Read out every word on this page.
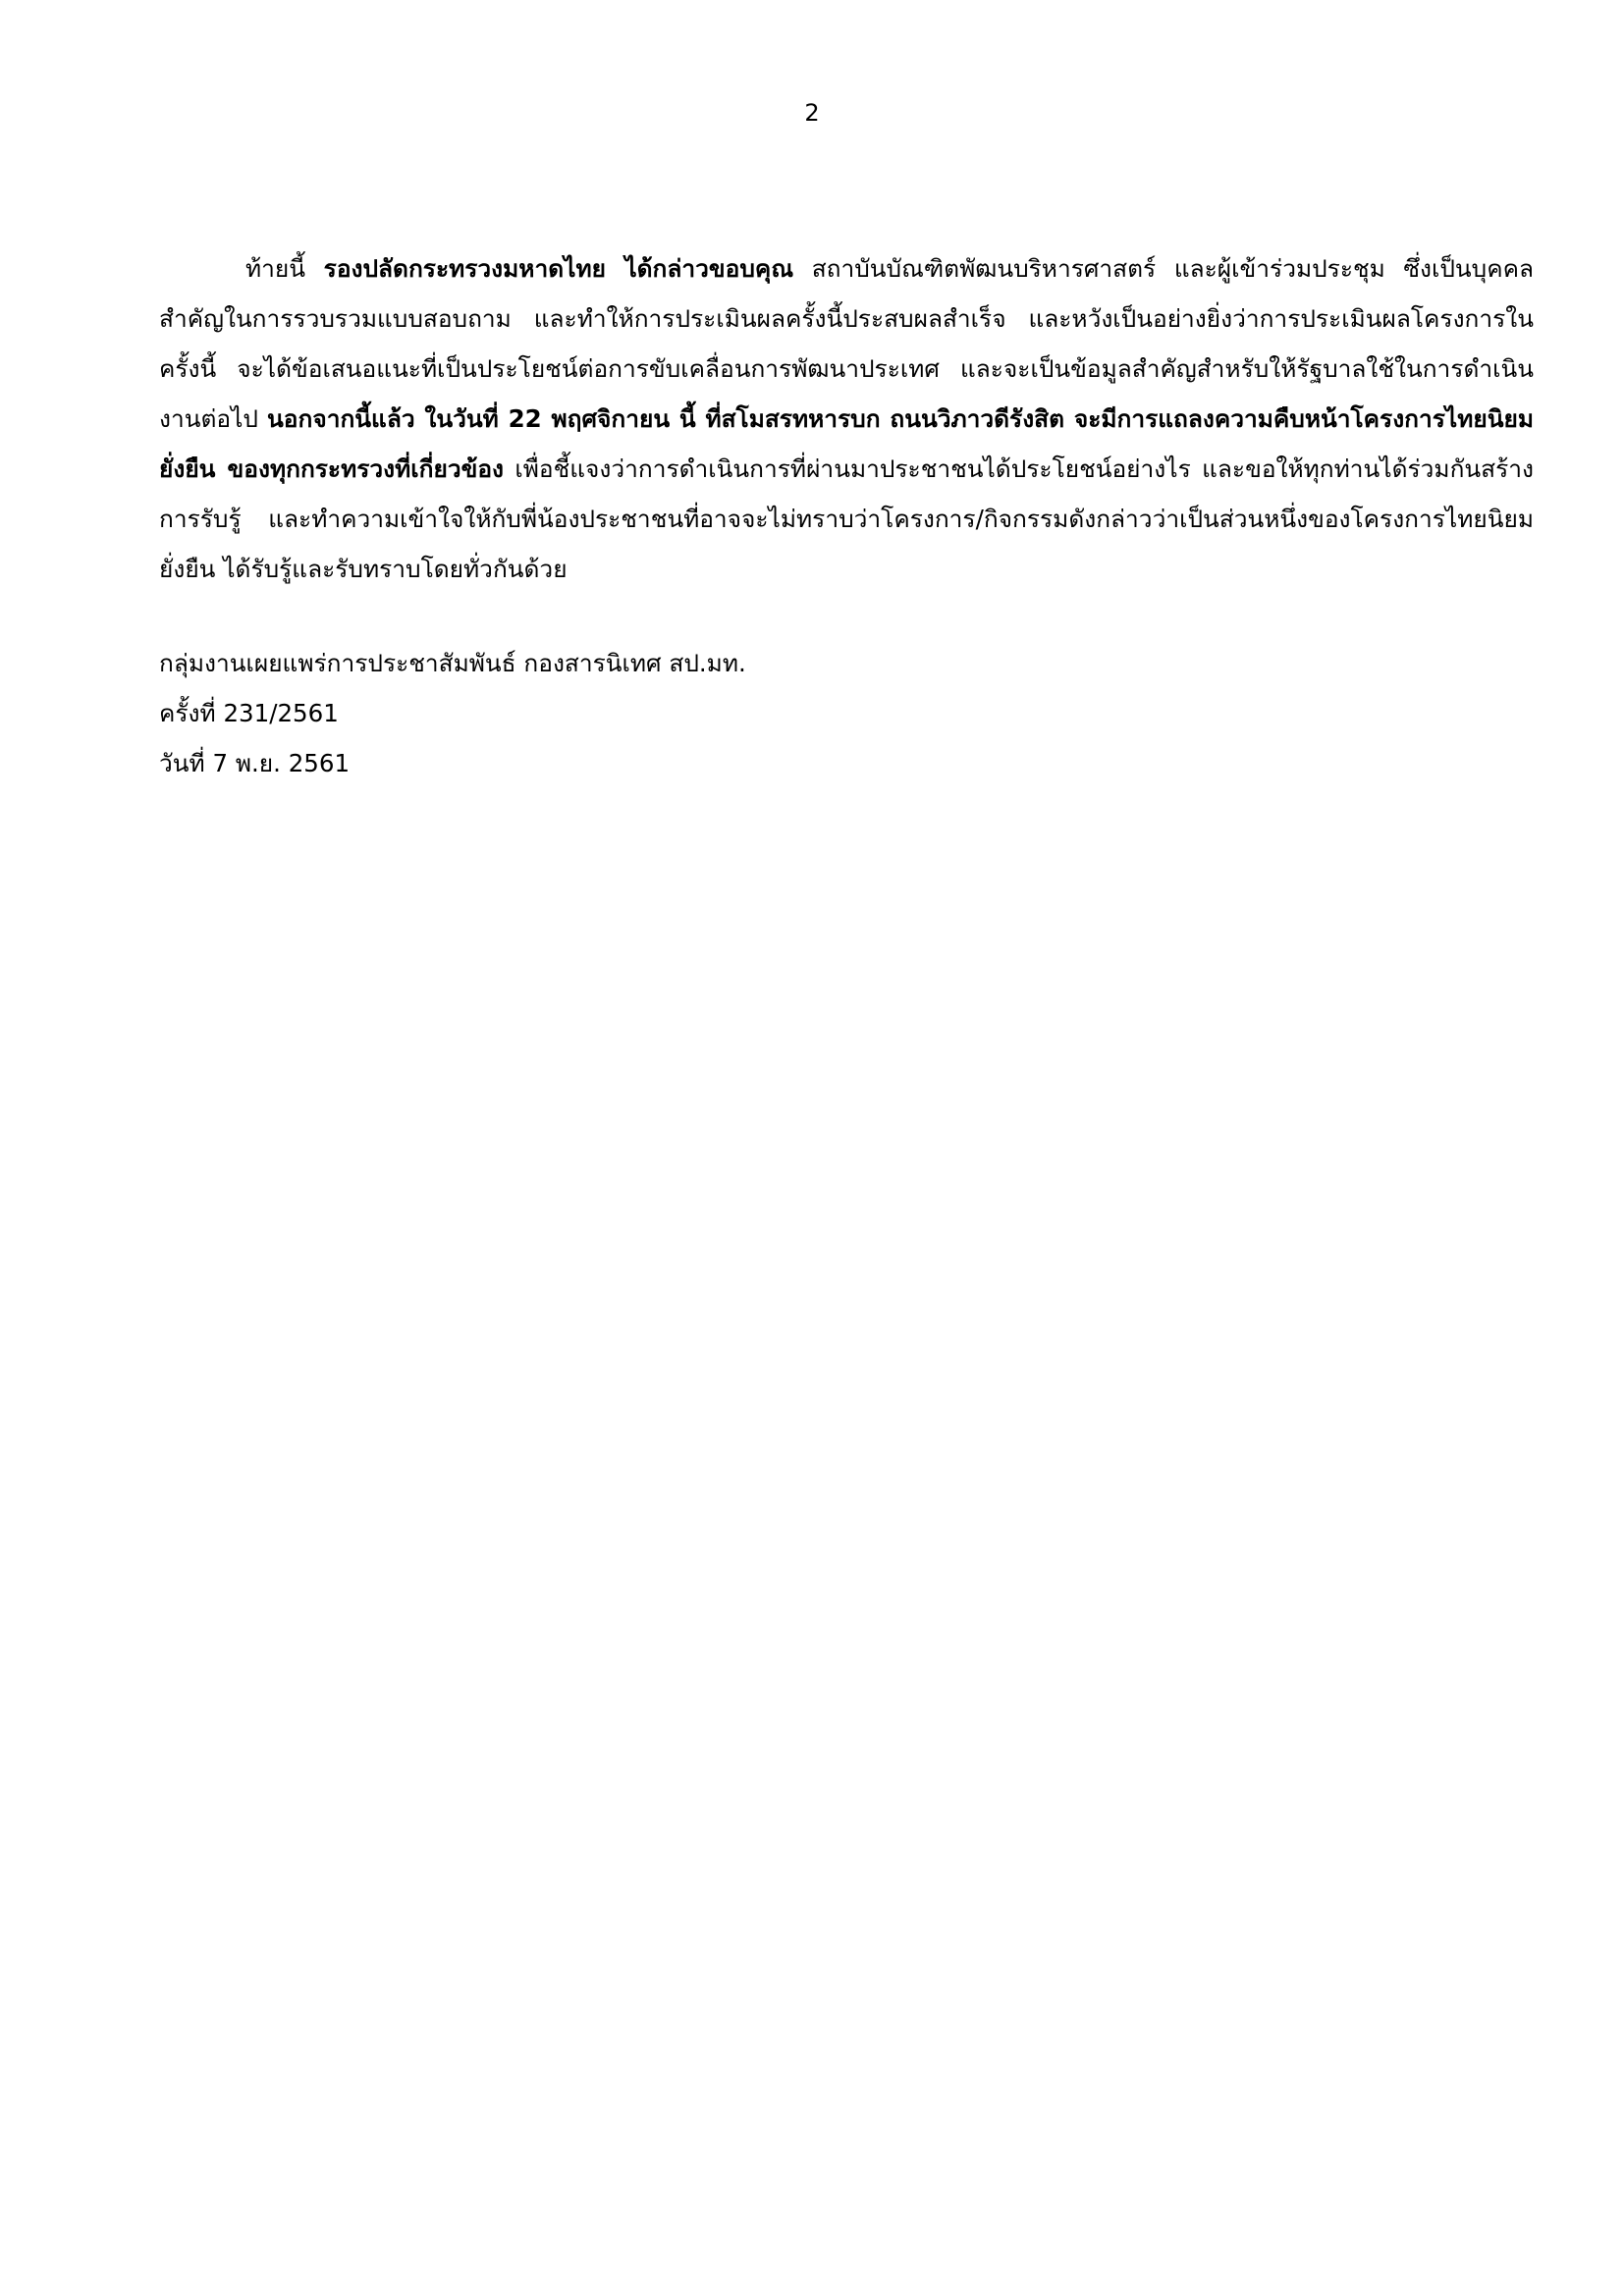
2

ท้ายนี้ รองปลัดกระทรวงมหาดไทย ได้กล่าวขอบคุณ สถาบันบัณฑิตพัฒนบริหารศาสตร์ และผู้เข้าร่วมประชุม ซึ่งเป็นบุคคลสำคัญในการรวบรวมแบบสอบถาม และทำให้การประเมินผลครั้งนี้ประสบผลสำเร็จ และหวังเป็นอย่างยิ่งว่าการประเมินผลโครงการในครั้งนี้ จะได้ข้อเสนอแนะที่เป็นประโยชน์ต่อการขับเคลื่อนการพัฒนาประเทศ และจะเป็นข้อมูลสำคัญสำหรับให้รัฐบาลใช้ในการดำเนินงานต่อไป นอกจากนี้แล้ว ในวันที่ 22 พฤศจิกายน นี้ ที่สโมสรทหารบก ถนนวิภาวดีรังสิต จะมีการแถลงความคืบหน้าโครงการไทยนิยม ยั่งยืน ของทุกกระทรวงที่เกี่ยวข้อง เพื่อชี้แจงว่าการดำเนินการที่ผ่านมาประชาชนได้ประโยชน์อย่างไร และขอให้ทุกท่านได้ร่วมกันสร้างการรับรู้ และทำความเข้าใจให้กับพี่น้องประชาชนที่อาจจะไม่ทราบว่าโครงการ/กิจกรรมดังกล่าวว่าเป็นส่วนหนึ่งของโครงการไทยนิยม ยั่งยืน ได้รับรู้และรับทราบโดยทั่วกันด้วย

กลุ่มงานเผยแพร่การประชาสัมพันธ์ กองสารนิเทศ สป.มท.
ครั้งที่ 231/2561
วันที่ 7 พ.ย. 2561
